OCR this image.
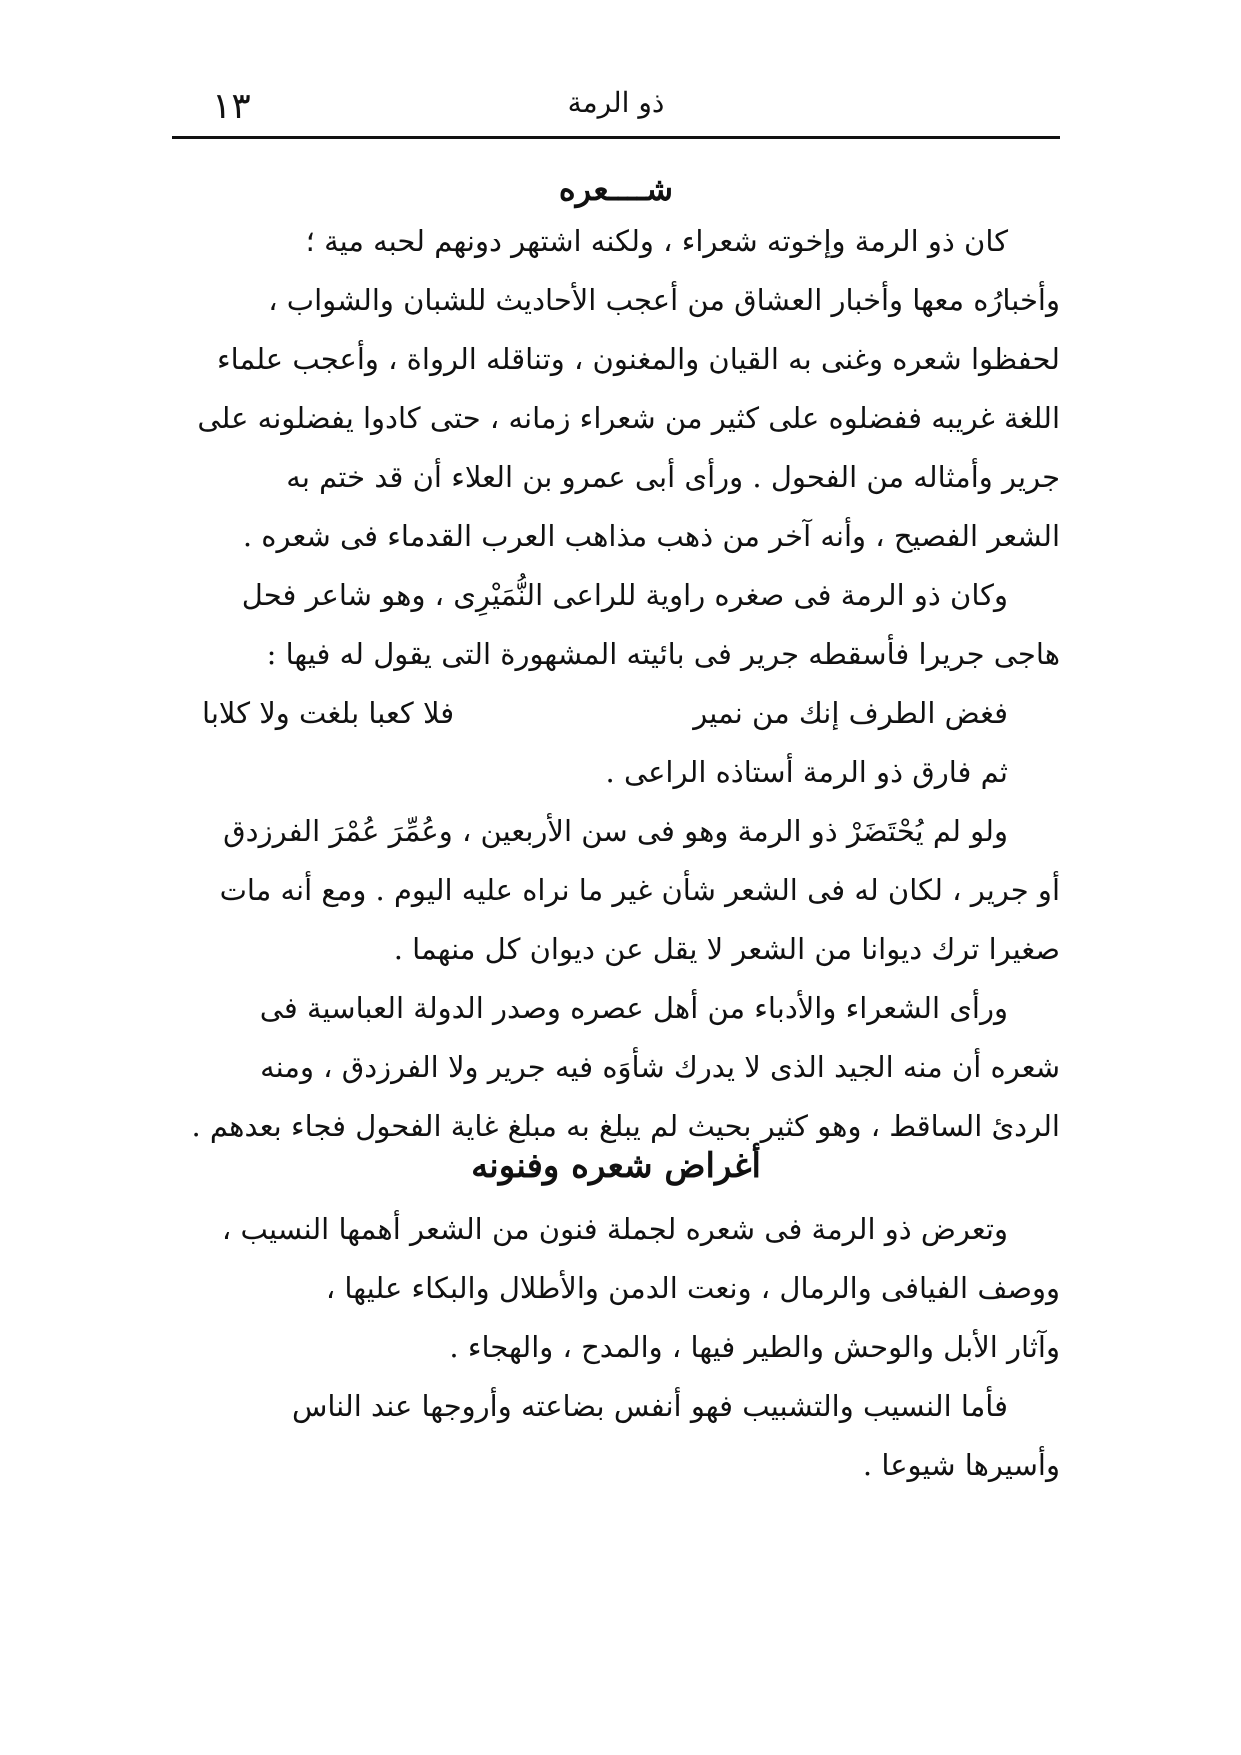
١٣	ذو الرمة
شــــعره
كان ذو الرمة وإخوته شعراء ، ولكنه اشتهر دونهم لحبه مية ؛
وأخبارُه معها وأخبار العشاق من أعجب الأحاديث للشبان والشواب ،
لحفظوا شعره وغنى به القيان والمغنون ، وتناقله الرواة ، وأعجب علماء
اللغة غريبه ففضلوه على كثير من شعراء زمانه ، حتى كادوا يفضلونه على
جرير وأمثاله من الفحول . ورأى أبى عمرو بن العلاء أن قد ختم به
الشعر الفصيح ، وأنه آخر من ذهب مذاهب العرب القدماء فى شعره .
وكان ذو الرمة فى صغره راوية للراعى النُّمَيْرِى ، وهو شاعر فحل
هاجى جريرا فأسقطه جرير فى بائيته المشهورة التى يقول له فيها :
فغض الطرف إنك من نمير
فلا كعبا بلغت ولا كلابا
ثم فارق ذو الرمة أستاذه الراعى .
ولو لم يُحْتَضَرْ ذو الرمة وهو فى سن الأربعين ، وعُمِّرَ عُمْرَ الفرزدق
أو جرير ، لكان له فى الشعر شأن غير ما نراه عليه اليوم . ومع أنه مات
صغيرا ترك ديوانا من الشعر لا يقل عن ديوان كل منهما .
ورأى الشعراء والأدباء من أهل عصره وصدر الدولة العباسية فى
شعره أن منه الجيد الذى لا يدرك شأوَه فيه جرير ولا الفرزدق ، ومنه
الردئ الساقط ، وهو كثير بحيث لم يبلغ به مبلغ غاية الفحول فجاء بعدهم .
أغراض شعره وفنونه
وتعرض ذو الرمة فى شعره لجملة فنون من الشعر أهمها النسيب ،
ووصف الفيافى والرمال ، ونعت الدمن والأطلال والبكاء عليها ،
وآثار الأبل والوحش والطير فيها ، والمدح ، والهجاء .
فأما النسيب والتشبيب فهو أنفس بضاعته وأروجها عند الناس
وأسيرها شيوعا .
